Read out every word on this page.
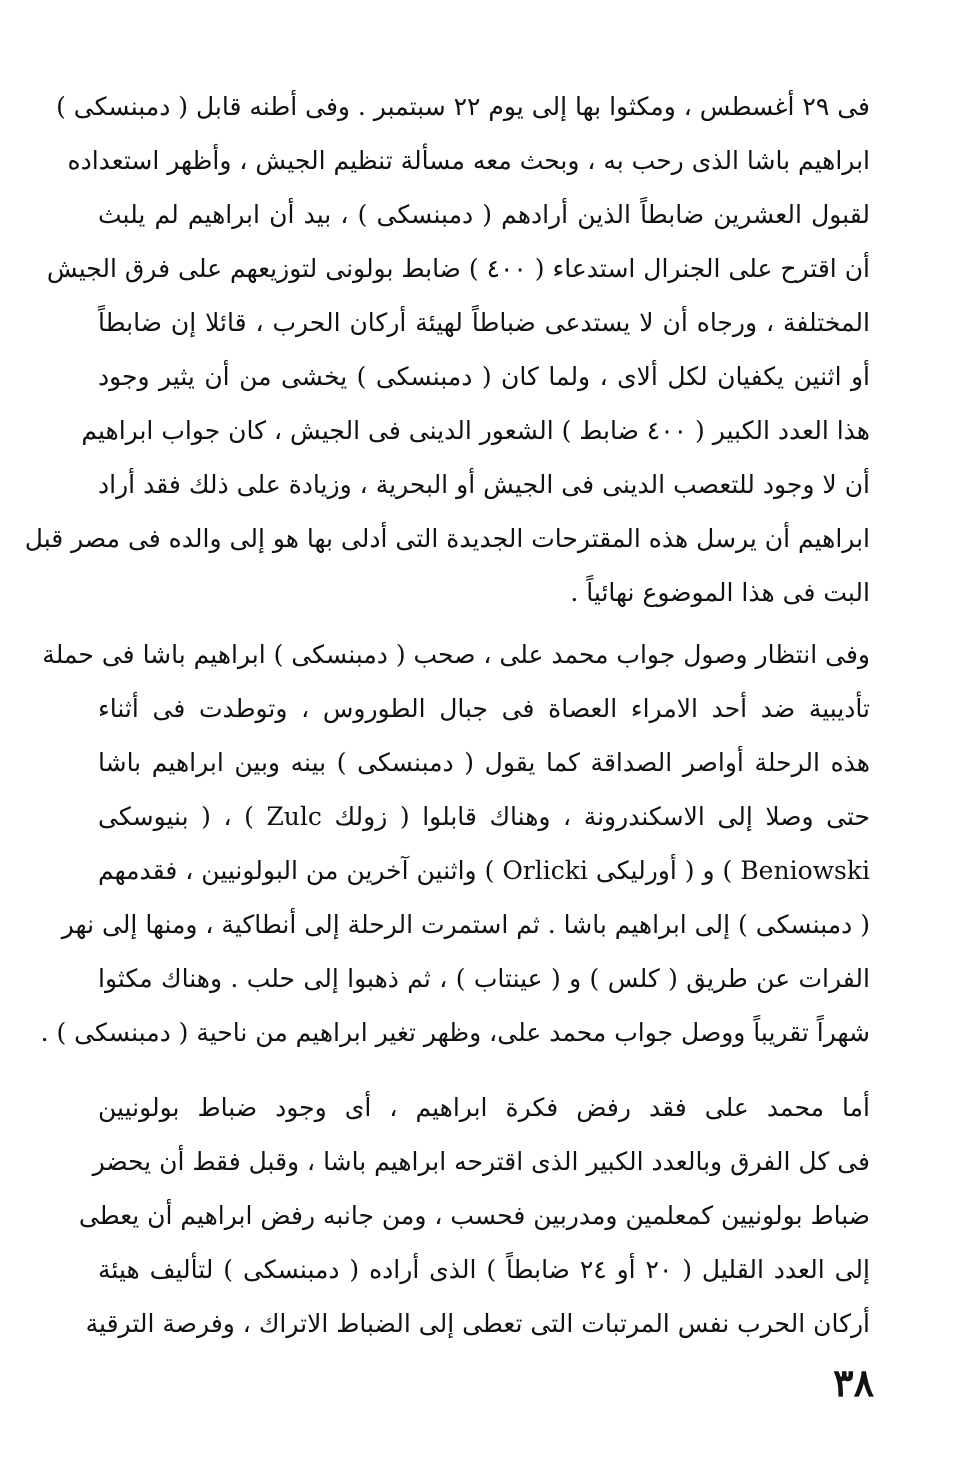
فى ٢٩ أغسطس ، ومكثوا بها إلى يوم ٢٢ سبتمبر . وفى أطنه قابل ( دمبنسكى )
ابراهيم باشا الذى رحب به ، وبحث معه مسألة تنظيم الجيش ، وأظهر استعداده
لقبول العشرين ضابطاً الذين أرادهم ( دمبنسكى ) ، بيد أن ابراهيم لم يلبث
أن اقترح على الجنرال استدعاء ( ٤٠٠ ) ضابط بولونى لتوزيعهم على فرق الجيش
المختلفة ، ورجاه أن لا يستدعى ضباطاً لهيئة أركان الحرب ، قائلا إن ضابطاً
أو اثنين يكفيان لكل ألاى ، ولما كان ( دمبنسكى ) يخشى من أن يثير وجود
هذا العدد الكبير ( ٤٠٠ ضابط ) الشعور الدينى فى الجيش ، كان جواب ابراهيم
أن لا وجود للتعصب الدينى فى الجيش أو البحرية ، وزيادة على ذلك فقد أراد
ابراهيم أن يرسل هذه المقترحات الجديدة التى أدلى بها هو إلى والده فى مصر قبل
البت فى هذا الموضوع نهائياً .
وفى انتظار وصول جواب محمد على ، صحب ( دمبنسكى ) ابراهيم باشا فى حملة
تأديبية ضد أحد الامراء العصاة فى جبال الطوروس ، وتوطدت فى أثناء
هذه الرحلة أواصر الصداقة كما يقول ( دمبنسكى ) بينه وبين ابراهيم باشا
حتى وصلا إلى الاسكندرونة ، وهناك قابلوا ( زولك Zulc ) ، ( بنيوسكى
Beniowski ) و ( أورليكى Orlicki ) واثنين آخرين من البولونيين ، فقدمهم
( دمبنسكى ) إلى ابراهيم باشا . ثم استمرت الرحلة إلى أنطاكية ، ومنها إلى نهر
الفرات عن طريق ( كلس ) و ( عينتاب ) ، ثم ذهبوا إلى حلب . وهناك مكثوا
شهراً تقريباً ووصل جواب محمد على، وظهر تغير ابراهيم من ناحية ( دمبنسكى ) .
أما محمد على فقد رفض فكرة ابراهيم ، أى وجود ضباط بولونيين
فى كل الفرق وبالعدد الكبير الذى اقترحه ابراهيم باشا ، وقبل فقط أن يحضر
ضباط بولونيين كمعلمين ومدربين فحسب ، ومن جانبه رفض ابراهيم أن يعطى
إلى العدد القليل ( ٢٠ أو ٢٤ ضابطاً ) الذى أراده ( دمبنسكى ) لتأليف هيئة
أركان الحرب نفس المرتبات التى تعطى إلى الضباط الاتراك ، وفرصة الترقية
٣٨
